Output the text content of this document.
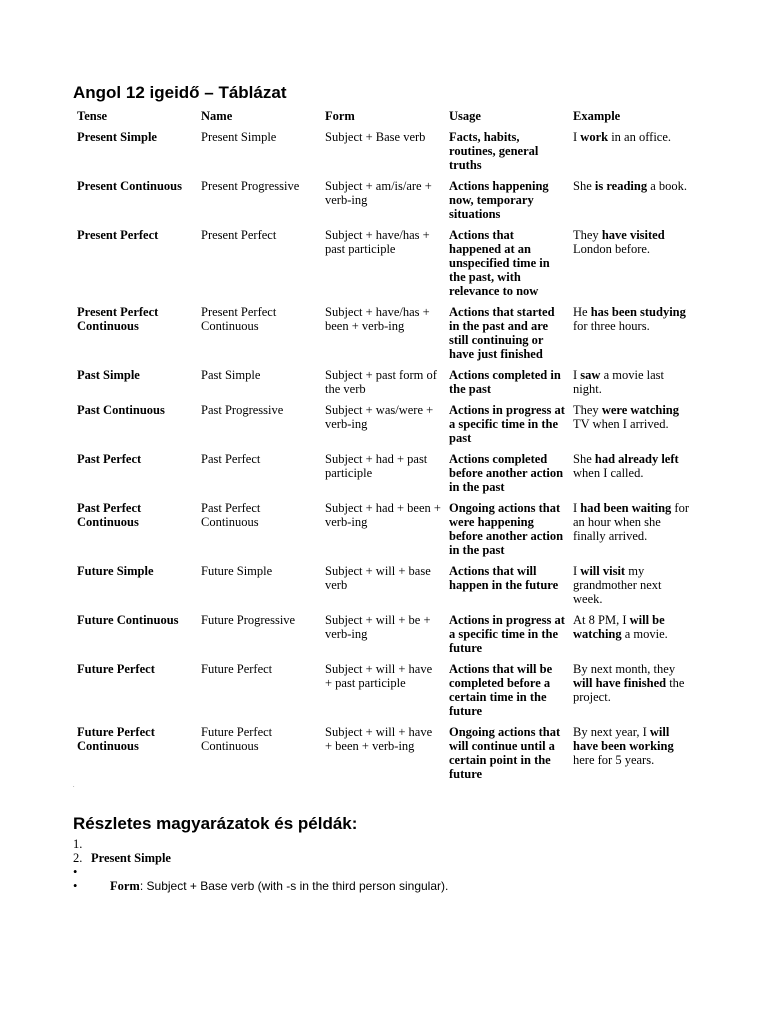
Angol 12 igeidő – Táblázat
Tense	Name	Form	Usage	Example
Present Simple	Present Simple	Subject + Base verb	Facts, habits, routines, general truths	I work in an office.
Present Continuous	Present Progressive	Subject + am/is/are + verb-ing	Actions happening now, temporary situations	She is reading a book.
Present Perfect	Present Perfect	Subject + have/has + past participle	Actions that happened at an unspecified time in the past, with relevance to now	They have visited London before.
Present Perfect Continuous	Present Perfect Continuous	Subject + have/has + been + verb-ing	Actions that started in the past and are still continuing or have just finished	He has been studying for three hours.
Past Simple	Past Simple	Subject + past form of the verb	Actions completed in the past	I saw a movie last night.
Past Continuous	Past Progressive	Subject + was/were + verb-ing	Actions in progress at a specific time in the past	They were watching TV when I arrived.
Past Perfect	Past Perfect	Subject + had + past participle	Actions completed before another action in the past	She had already left when I called.
Past Perfect Continuous	Past Perfect Continuous	Subject + had + been + verb-ing	Ongoing actions that were happening before another action in the past	I had been waiting for an hour when she finally arrived.
Future Simple	Future Simple	Subject + will + base verb	Actions that will happen in the future	I will visit my grandmother next week.
Future Continuous	Future Progressive	Subject + will + be + verb-ing	Actions in progress at a specific time in the future	At 8 PM, I will be watching a movie.
Future Perfect	Future Perfect	Subject + will + have + past participle	Actions that will be completed before a certain time in the future	By next month, they will have finished the project.
Future Perfect Continuous	Future Perfect Continuous	Subject + will + have + been + verb-ing	Ongoing actions that will continue until a certain point in the future	By next year, I will have been working here for 5 years.
.
Részletes magyarázatok és példák:
1.
2. Present Simple
•
•	Form: Subject + Base verb (with -s in the third person singular).
